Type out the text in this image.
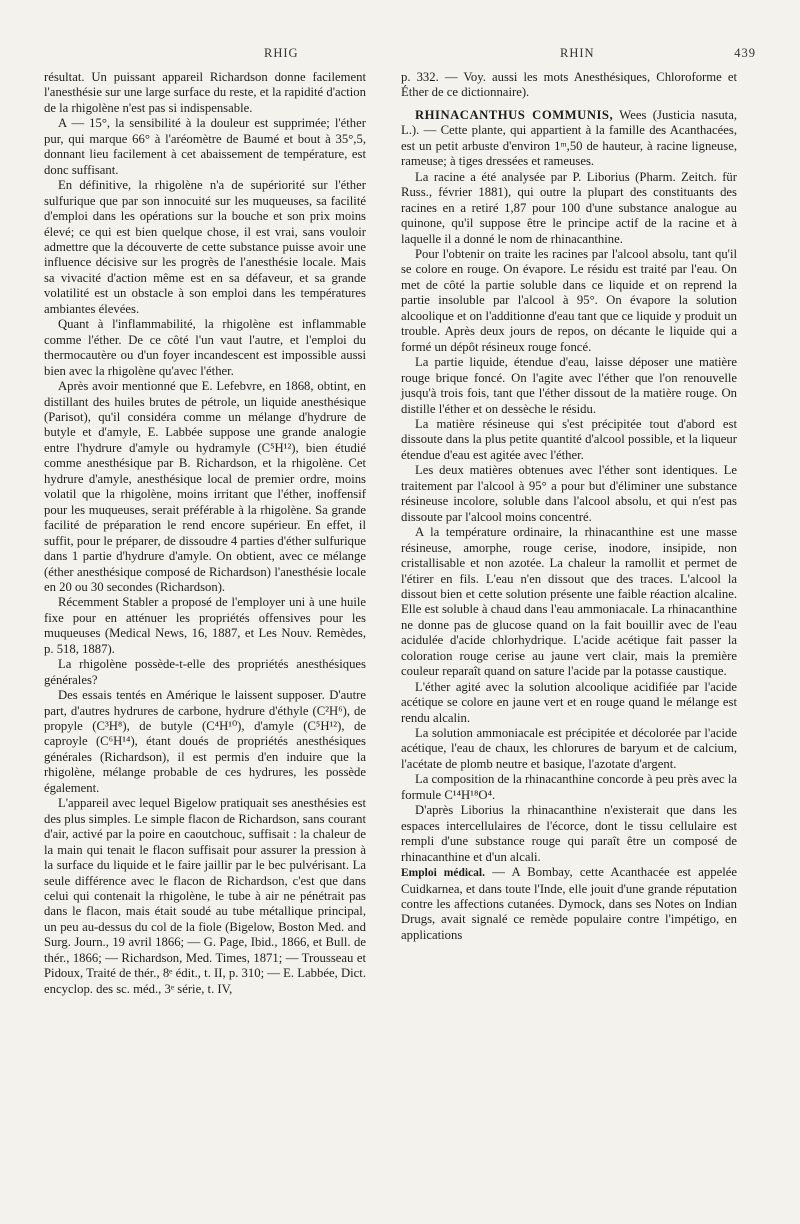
RHIG	RHIN	439

résultat. Un puissant appareil Richardson donne facilement l'anesthésie sur une large surface du reste, et la rapidité d'action de la rhigolène n'est pas si indispensable.

A — 15°, la sensibilité à la douleur est supprimée; l'éther pur, qui marque 66° à l'aréomètre de Baumé et bout à 35°,5, donnant lieu facilement à cet abaissement de température, est donc suffisant.

En définitive, la rhigolène n'a de supériorité sur l'éther sulfurique que par son innocuité sur les muqueuses, sa facilité d'emploi dans les opérations sur la bouche et son prix moins élevé; ce qui est bien quelque chose, il est vrai, sans vouloir admettre que la découverte de cette substance puisse avoir une influence décisive sur les progrès de l'anesthésie locale. Mais sa vivacité d'action même est en sa défaveur, et sa grande volatilité est un obstacle à son emploi dans les températures ambiantes élevées.

Quant à l'inflammabilité, la rhigolène est inflammable comme l'éther. De ce côté l'un vaut l'autre, et l'emploi du thermocautère ou d'un foyer incandescent est impossible aussi bien avec la rhigolène qu'avec l'éther.

Après avoir mentionné que E. Lefebvre, en 1868, obtint, en distillant des huiles brutes de pétrole, un liquide anesthésique (Parisot), qu'il considéra comme un mélange d'hydrure de butyle et d'amyle, E. Labbée suppose une grande analogie entre l'hydrure d'amyle ou hydramyle (C⁵H¹²), bien étudié comme anesthésique par B. Richardson, et la rhigolène. Cet hydrure d'amyle, anesthésique local de premier ordre, moins volatil que la rhigolène, moins irritant que l'éther, inoffensif pour les muqueuses, serait préférable à la rhigolène. Sa grande facilité de préparation le rend encore supérieur. En effet, il suffit, pour le préparer, de dissoudre 4 parties d'éther sulfurique dans 1 partie d'hydrure d'amyle. On obtient, avec ce mélange (éther anesthésique composé de Richardson) l'anesthésie locale en 20 ou 30 secondes (Richardson).

Récemment Stabler a proposé de l'employer uni à une huile fixe pour en atténuer les propriétés offensives pour les muqueuses (Medical News, 16, 1887, et Les Nouv. Remèdes, p. 518, 1887).

La rhigolène possède-t-elle des propriétés anesthésiques générales?

Des essais tentés en Amérique le laissent supposer. D'autre part, d'autres hydrures de carbone, hydrure d'éthyle (C²H⁶), de propyle (C³H⁸), de butyle (C⁴H¹⁰), d'amyle (C⁵H¹²), de caproyle (C⁶H¹⁴), étant doués de propriétés anesthésiques générales (Richardson), il est permis d'en induire que la rhigolène, mélange probable de ces hydrures, les possède également.

L'appareil avec lequel Bigelow pratiquait ses anesthésies est des plus simples. Le simple flacon de Richardson, sans courant d'air, activé par la poire en caoutchouc, suffisait : la chaleur de la main qui tenait le flacon suffisait pour assurer la pression à la surface du liquide et le faire jaillir par le bec pulvérisant. La seule différence avec le flacon de Richardson, c'est que dans celui qui contenait la rhigolène, le tube à air ne pénétrait pas dans le flacon, mais était soudé au tube métallique principal, un peu au-dessus du col de la fiole (Bigelow, Boston Med. and Surg. Journ., 19 avril 1866; — G. Page, Ibid., 1866, et Bull. de thér., 1866; — Richardson, Med. Times, 1871; — Trousseau et Pidoux, Traité de thér., 8ᵉ édit., t. II, p. 310; — E. Labbée, Dict. encyclop. des sc. méd., 3ᵉ série, t. IV,

p. 332. — Voy. aussi les mots Anesthésiques, Chloroforme et Éther de ce dictionnaire).

RHINACANTHUS COMMUNIS, Wees (Justicia nasuta, L.). — Cette plante, qui appartient à la famille des Acanthacées, est un petit arbuste d'environ 1ᵐ,50 de hauteur, à racine ligneuse, rameuse; à tiges dressées et rameuses.

La racine a été analysée par P. Liborius (Pharm. Zeitch. für Russ., février 1881), qui outre la plupart des constituants des racines en a retiré 1,87 pour 100 d'une substance analogue au quinone, qu'il suppose être le principe actif de la racine et à laquelle il a donné le nom de rhinacanthine.

Pour l'obtenir on traite les racines par l'alcool absolu, tant qu'il se colore en rouge. On évapore. Le résidu est traité par l'eau. On met de côté la partie soluble dans ce liquide et on reprend la partie insoluble par l'alcool à 95°. On évapore la solution alcoolique et on l'additionne d'eau tant que ce liquide y produit un trouble. Après deux jours de repos, on décante le liquide qui a formé un dépôt résineux rouge foncé.

La partie liquide, étendue d'eau, laisse déposer une matière rouge brique foncé. On l'agite avec l'éther que l'on renouvelle jusqu'à trois fois, tant que l'éther dissout de la matière rouge. On distille l'éther et on dessèche le résidu.

La matière résineuse qui s'est précipitée tout d'abord est dissoute dans la plus petite quantité d'alcool possible, et la liqueur étendue d'eau est agitée avec l'éther.

Les deux matières obtenues avec l'éther sont identiques. Le traitement par l'alcool à 95° a pour but d'éliminer une substance résineuse incolore, soluble dans l'alcool absolu, et qui n'est pas dissoute par l'alcool moins concentré.

A la température ordinaire, la rhinacanthine est une masse résineuse, amorphe, rouge cerise, inodore, insipide, non cristallisable et non azotée. La chaleur la ramollit et permet de l'étirer en fils. L'eau n'en dissout que des traces. L'alcool la dissout bien et cette solution présente une faible réaction alcaline. Elle est soluble à chaud dans l'eau ammoniacale. La rhinacanthine ne donne pas de glucose quand on la fait bouillir avec de l'eau acidulée d'acide chlorhydrique. L'acide acétique fait passer la coloration rouge cerise au jaune vert clair, mais la première couleur reparaît quand on sature l'acide par la potasse caustique.

L'éther agité avec la solution alcoolique acidifiée par l'acide acétique se colore en jaune vert et en rouge quand le mélange est rendu alcalin.

La solution ammoniacale est précipitée et décolorée par l'acide acétique, l'eau de chaux, les chlorures de baryum et de calcium, l'acétate de plomb neutre et basique, l'azotate d'argent.

La composition de la rhinacanthine concorde à peu près avec la formule C¹⁴H¹⁸O⁴.

D'après Liborius la rhinacanthine n'existerait que dans les espaces intercellulaires de l'écorce, dont le tissu cellulaire est rempli d'une substance rouge qui paraît être un composé de rhinacanthine et d'un alcali.

Emploi médical. — A Bombay, cette Acanthacée est appelée Cuidkarnea, et dans toute l'Inde, elle jouit d'une grande réputation contre les affections cutanées. Dymock, dans ses Notes on Indian Drugs, avait signalé ce remède populaire contre l'impétigo, en applications
